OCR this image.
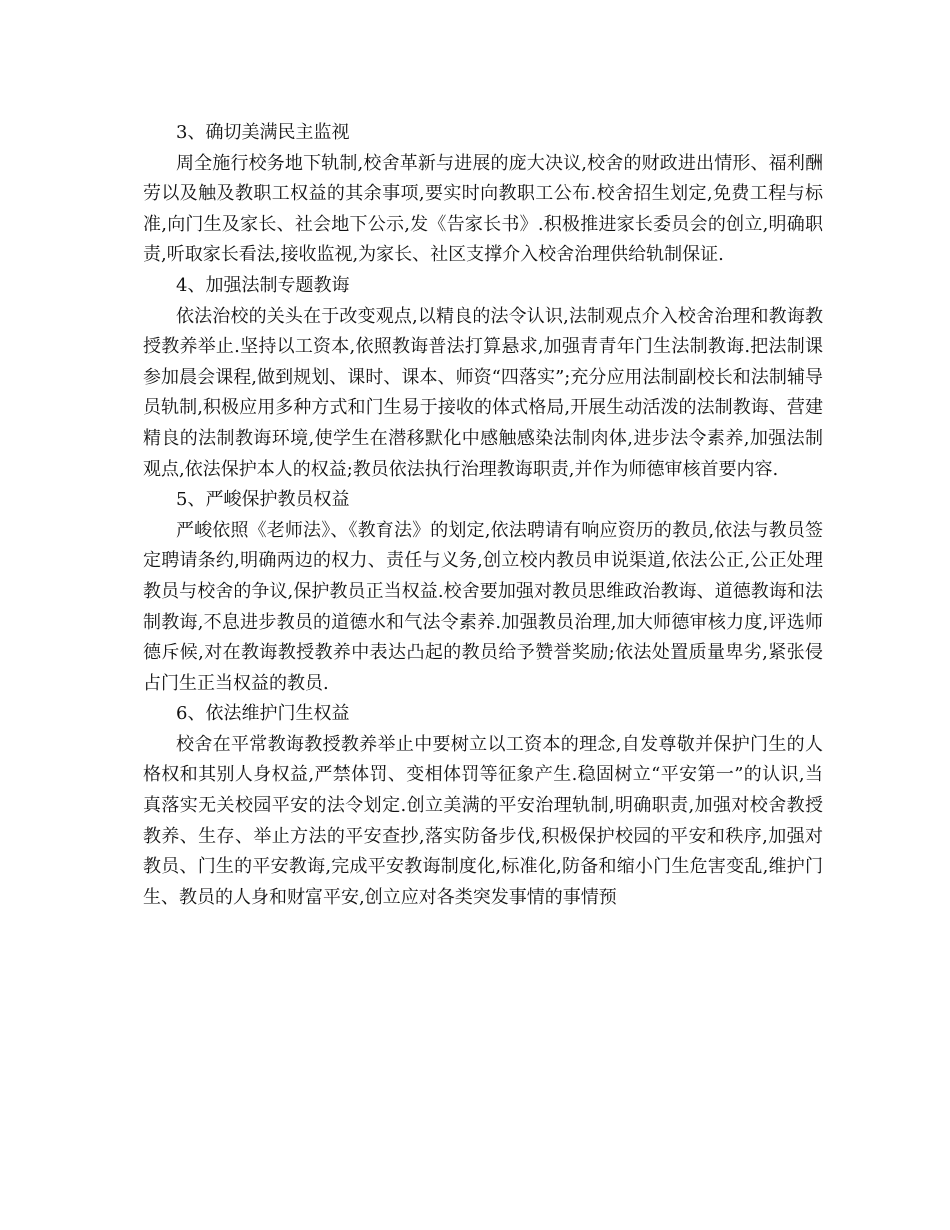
3、确切美满民主监视

周全施行校务地下轨制,校舍革新与进展的庞大决议,校舍的财政进出情形、福利酬劳以及触及教职工权益的其余事项,要实时向教职工公布.校舍招生划定,免费工程与标准,向门生及家长、社会地下公示,发《告家长书》.积极推进家长委员会的创立,明确职责,听取家长看法,接收监视,为家长、社区支撑介入校舍治理供给轨制保证.

4、加强法制专题教诲

依法治校的关头在于改变观点,以精良的法令认识,法制观点介入校舍治理和教诲教授教养举止.坚持以工资本,依照教诲普法打算悬求,加强青青年门生法制教诲.把法制课参加晨会课程,做到规划、课时、课本、师资“四落实”;充分应用法制副校长和法制辅导员轨制,积极应用多种方式和门生易于接收的体式格局,开展生动活泼的法制教诲、营建精良的法制教诲环境,使学生在潜移默化中感触感染法制肉体,进步法令素养,加强法制观点,依法保护本人的权益;教员依法执行治理教诲职责,并作为师德审核首要内容.

5、严峻保护教员权益

严峻依照《老师法》、《教育法》的划定,依法聘请有响应资历的教员,依法与教员签定聘请条约,明确两边的权力、责任与义务,创立校内教员申说渠道,依法公正,公正处理教员与校舍的争议,保护教员正当权益.校舍要加强对教员思维政治教诲、道德教诲和法制教诲,不息进步教员的道德水和气法令素养.加强教员治理,加大师德审核力度,评选师德斥候,对在教诲教授教养中表达凸起的教员给予赞誉奖励;依法处置质量卑劣,紧张侵占门生正当权益的教员.

6、依法维护门生权益

校舍在平常教诲教授教养举止中要树立以工资本的理念,自发尊敬并保护门生的人格权和其别人身权益,严禁体罚、变相体罚等征象产生.稳固树立“平安第一”的认识,当真落实无关校园平安的法令划定.创立美满的平安治理轨制,明确职责,加强对校舍教授教养、生存、举止方法的平安查抄,落实防备步伐,积极保护校园的平安和秩序,加强对教员、门生的平安教诲,完成平安教诲制度化,标准化,防备和缩小门生危害变乱,维护门生、教员的人身和财富平安,创立应对各类突发事情的事情预
